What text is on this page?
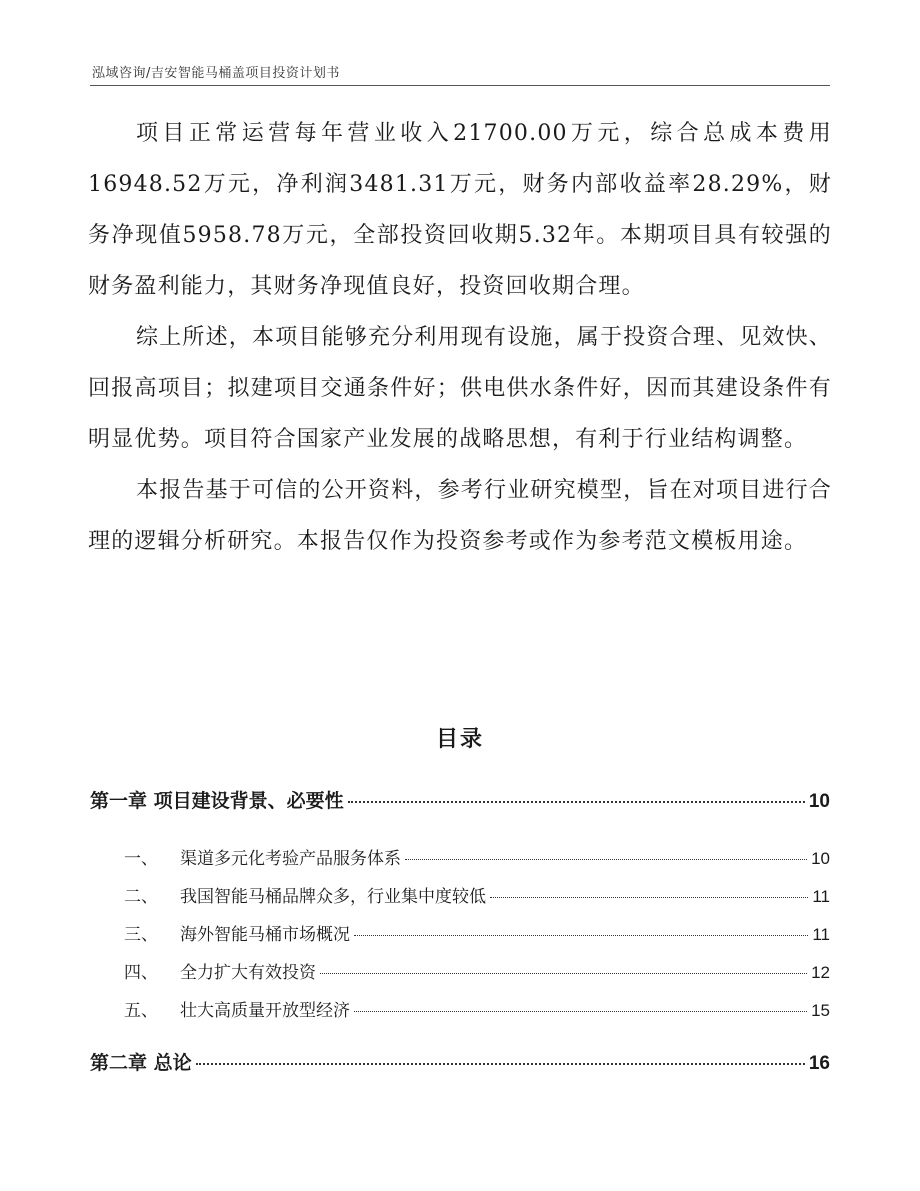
泓域咨询/吉安智能马桶盖项目投资计划书

项目正常运营每年营业收入21700.00万元，综合总成本费用16948.52万元，净利润3481.31万元，财务内部收益率28.29%，财务净现值5958.78万元，全部投资回收期5.32年。本期项目具有较强的财务盈利能力，其财务净现值良好，投资回收期合理。

综上所述，本项目能够充分利用现有设施，属于投资合理、见效快、回报高项目；拟建项目交通条件好；供电供水条件好，因而其建设条件有明显优势。项目符合国家产业发展的战略思想，有利于行业结构调整。

本报告基于可信的公开资料，参考行业研究模型，旨在对项目进行合理的逻辑分析研究。本报告仅作为投资参考或作为参考范文模板用途。

目录
第一章 项目建设背景、必要性	10
一、 渠道多元化考验产品服务体系	10
二、 我国智能马桶品牌众多，行业集中度较低	11
三、 海外智能马桶市场概况	11
四、 全力扩大有效投资	12
五、 壮大高质量开放型经济	15
第二章 总论	16
